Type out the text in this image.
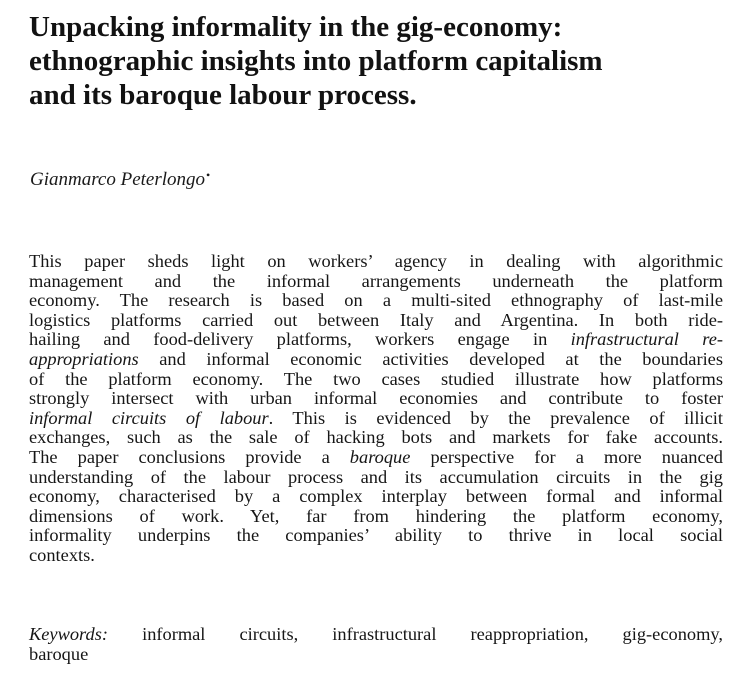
Unpacking informality in the gig-economy:
ethnographic insights into platform capitalism
and its baroque labour process.
Gianmarco Peterlongo•
This paper sheds light on workers’ agency in dealing with algorithmic
management and the informal arrangements underneath the platform
economy. The research is based on a multi-sited ethnography of last-mile
logistics platforms carried out between Italy and Argentina. In both ride-
hailing and food-delivery platforms, workers engage in infrastructural re-
appropriations and informal economic activities developed at the boundaries
of the platform economy. The two cases studied illustrate how platforms
strongly intersect with urban informal economies and contribute to foster
informal circuits of labour. This is evidenced by the prevalence of illicit
exchanges, such as the sale of hacking bots and markets for fake accounts.
The paper conclusions provide a baroque perspective for a more nuanced
understanding of the labour process and its accumulation circuits in the gig
economy, characterised by a complex interplay between formal and informal
dimensions of work. Yet, far from hindering the platform economy,
informality underpins the companies’ ability to thrive in local social
contexts.
Keywords: informal circuits, infrastructural reappropriation, gig-economy,
baroque
